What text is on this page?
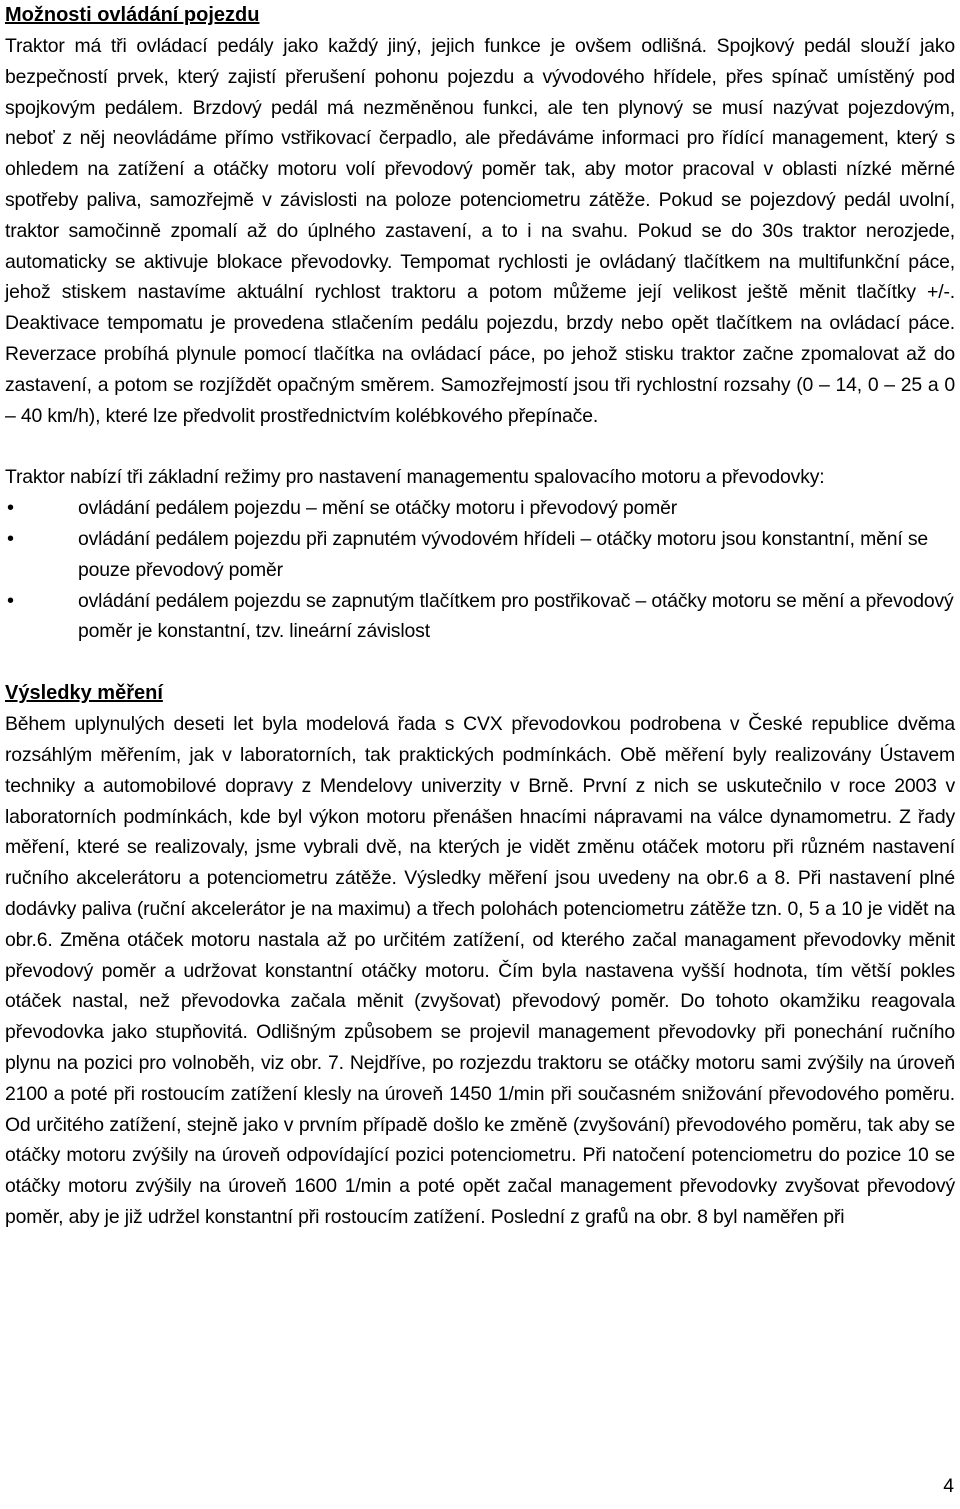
Možnosti ovládání pojezdu

Traktor má tři ovládací pedály jako každý jiný, jejich funkce je ovšem odlišná. Spojkový pedál slouží jako bezpečností prvek, který zajistí přerušení pohonu pojezdu a vývodového hřídele, přes spínač umístěný pod spojkovým pedálem. Brzdový pedál má nezměněnou funkci, ale ten plynový se musí nazývat pojezdovým, neboť z něj neovládáme přímo vstřikovací čerpadlo, ale předáváme informaci pro řídící management, který s ohledem na zatížení a otáčky motoru volí převodový poměr tak, aby motor pracoval v oblasti nízké měrné spotřeby paliva, samozřejmě v závislosti na poloze potenciometru zátěže. Pokud se pojezdový pedál uvolní, traktor samočinně zpomalí až do úplného zastavení, a to i na svahu. Pokud se do 30s traktor nerozjede, automaticky se aktivuje blokace převodovky. Tempomat rychlosti je ovládaný tlačítkem na multifunkční páce, jehož stiskem nastavíme aktuální rychlost traktoru a potom můžeme její velikost ještě měnit tlačítky +/-. Deaktivace tempomatu je provedena stlačením pedálu pojezdu, brzdy nebo opět tlačítkem na ovládací páce. Reverzace probíhá plynule pomocí tlačítka na ovládací páce, po jehož stisku traktor začne zpomalovat až do zastavení, a potom se rozjíždět opačným směrem. Samozřejmostí jsou tři rychlostní rozsahy (0 – 14, 0 – 25 a 0 – 40 km/h), které lze předvolit prostřednictvím kolébkového přepínače.

Traktor nabízí tři základní režimy pro nastavení managementu spalovacího motoru a převodovky:

•	ovládání pedálem pojezdu – mění se otáčky motoru i převodový poměr
•	ovládání pedálem pojezdu při zapnutém vývodovém hřídeli – otáčky motoru jsou konstantní, mění se pouze převodový poměr
•	ovládání pedálem pojezdu se zapnutým tlačítkem pro postřikovač – otáčky motoru se mění a převodový poměr je konstantní, tzv. lineární závislost
Výsledky měření

Během uplynulých deseti let byla modelová řada s CVX převodovkou podrobena v České republice dvěma rozsáhlým měřením, jak v laboratorních, tak praktických podmínkách. Obě měření byly realizovány Ústavem techniky a automobilové dopravy z Mendelovy univerzity v Brně. První z nich se uskutečnilo v roce 2003 v laboratorních podmínkách, kde byl výkon motoru přenášen hnacími nápravami na válce dynamometru. Z řady měření, které se realizovaly, jsme vybrali dvě, na kterých je vidět změnu otáček motoru při různém nastavení ručního akcelerátoru a potenciometru zátěže. Výsledky měření jsou uvedeny na obr.6 a 8. Při nastavení plné dodávky paliva (ruční akcelerátor je na maximu) a třech polohách potenciometru zátěže tzn. 0, 5 a 10 je vidět na obr.6. Změna otáček motoru nastala až po určitém zatížení, od kterého začal managament převodovky měnit převodový poměr a udržovat konstantní otáčky motoru. Čím byla nastavena vyšší hodnota, tím větší pokles otáček nastal, než převodovka začala měnit (zvyšovat) převodový poměr. Do tohoto okamžiku reagovala převodovka jako stupňovitá. Odlišným způsobem se projevil management převodovky při ponechání ručního plynu na pozici pro volnoběh, viz obr. 7. Nejdříve, po rozjezdu traktoru se otáčky motoru sami zvýšily na úroveň 2100 a poté při rostoucím zatížení klesly na úroveň 1450 1/min při současném snižování převodového poměru. Od určitého zatížení, stejně jako v prvním případě došlo ke změně (zvyšování) převodového poměru, tak aby se otáčky motoru zvýšily na úroveň odpovídající pozici potenciometru. Při natočení potenciometru do pozice 10 se otáčky motoru zvýšily na úroveň 1600 1/min a poté opět začal management převodovky zvyšovat převodový poměr, aby je již udržel konstantní při rostoucím zatížení. Poslední z grafů na obr. 8 byl naměřen při

4
